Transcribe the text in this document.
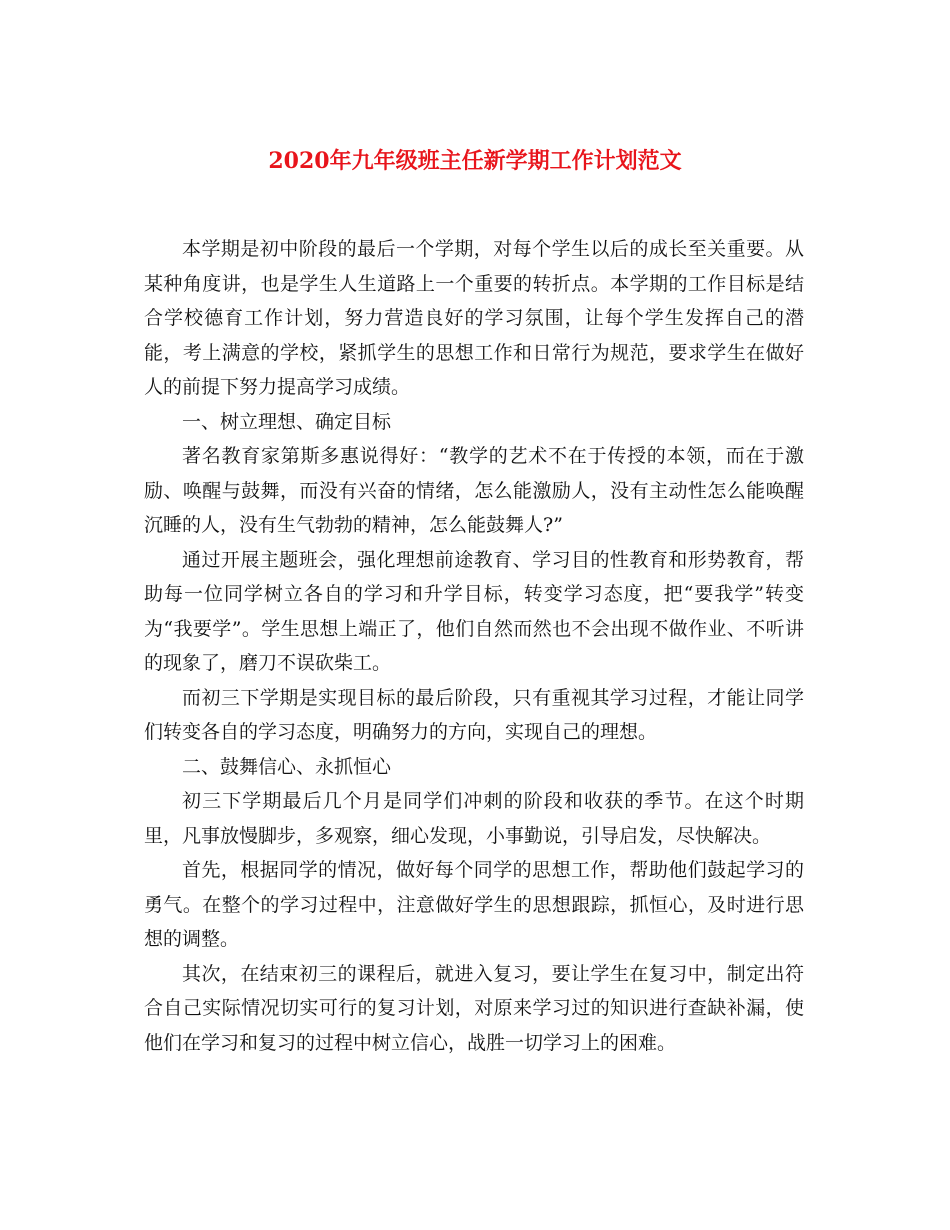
2020年九年级班主任新学期工作计划范文

本学期是初中阶段的最后一个学期，对每个学生以后的成长至关重要。从某种角度讲，也是学生人生道路上一个重要的转折点。本学期的工作目标是结合学校德育工作计划，努力营造良好的学习氛围，让每个学生发挥自己的潜能，考上满意的学校，紧抓学生的思想工作和日常行为规范，要求学生在做好人的前提下努力提高学习成绩。

一、树立理想、确定目标

著名教育家第斯多惠说得好：“教学的艺术不在于传授的本领，而在于激励、唤醒与鼓舞，而没有兴奋的情绪，怎么能激励人，没有主动性怎么能唤醒沉睡的人，没有生气勃勃的精神，怎么能鼓舞人?”

通过开展主题班会，强化理想前途教育、学习目的性教育和形势教育，帮助每一位同学树立各自的学习和升学目标，转变学习态度，把“要我学”转变为“我要学”。学生思想上端正了，他们自然而然也不会出现不做作业、不听讲的现象了，磨刀不误砍柴工。

而初三下学期是实现目标的最后阶段，只有重视其学习过程，才能让同学们转变各自的学习态度，明确努力的方向，实现自己的理想。

二、鼓舞信心、永抓恒心

初三下学期最后几个月是同学们冲刺的阶段和收获的季节。在这个时期里，凡事放慢脚步，多观察，细心发现，小事勤说，引导启发，尽快解决。

首先，根据同学的情况，做好每个同学的思想工作，帮助他们鼓起学习的勇气。在整个的学习过程中，注意做好学生的思想跟踪，抓恒心，及时进行思想的调整。

其次，在结束初三的课程后，就进入复习，要让学生在复习中，制定出符合自己实际情况切实可行的复习计划，对原来学习过的知识进行查缺补漏，使他们在学习和复习的过程中树立信心，战胜一切学习上的困难。
